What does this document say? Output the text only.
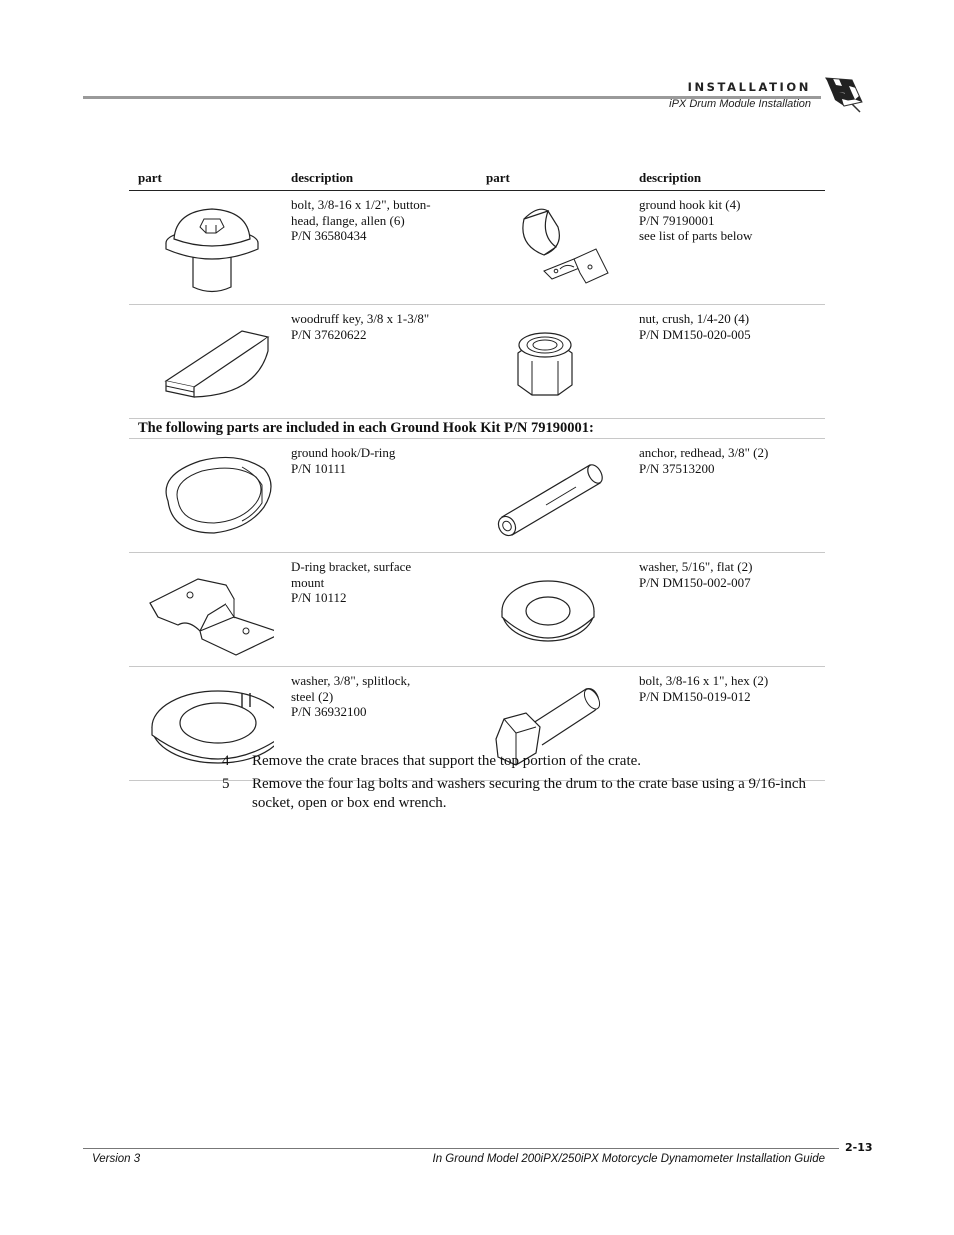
INSTALLATION
iPX Drum Module Installation
part	description	part	description

bolt, 3/8-16 x 1/2", button-
head, flange, allen (6)
P/N 36580434		ground hook kit (4)
P/N 79190001
see list of parts below

woodruff key, 3/8 x 1-3/8"
P/N 37620622		nut, crush, 1/4-20 (4)
P/N DM150-020-005

The following parts are included in each Ground Hook Kit P/N 79190001:			

ground hook/D-ring
P/N 10111		anchor, redhead, 3/8" (2)
P/N 37513200

D-ring bracket, surface
mount
P/N 10112		washer, 5/16", flat (2)
P/N DM150-002-007

washer, 3/8", splitlock,
steel (2)
P/N 36932100		bolt, 3/8-16 x 1", hex (2)
P/N DM150-019-012
4 Remove the crate braces that support the top portion of the crate.
5 Remove the four lag bolts and washers securing the drum to the crate base using a 9/16-inch socket, open or box end wrench.
2-13
Version 3	In Ground Model 200iPX/250iPX Motorcycle Dynamometer Installation Guide
